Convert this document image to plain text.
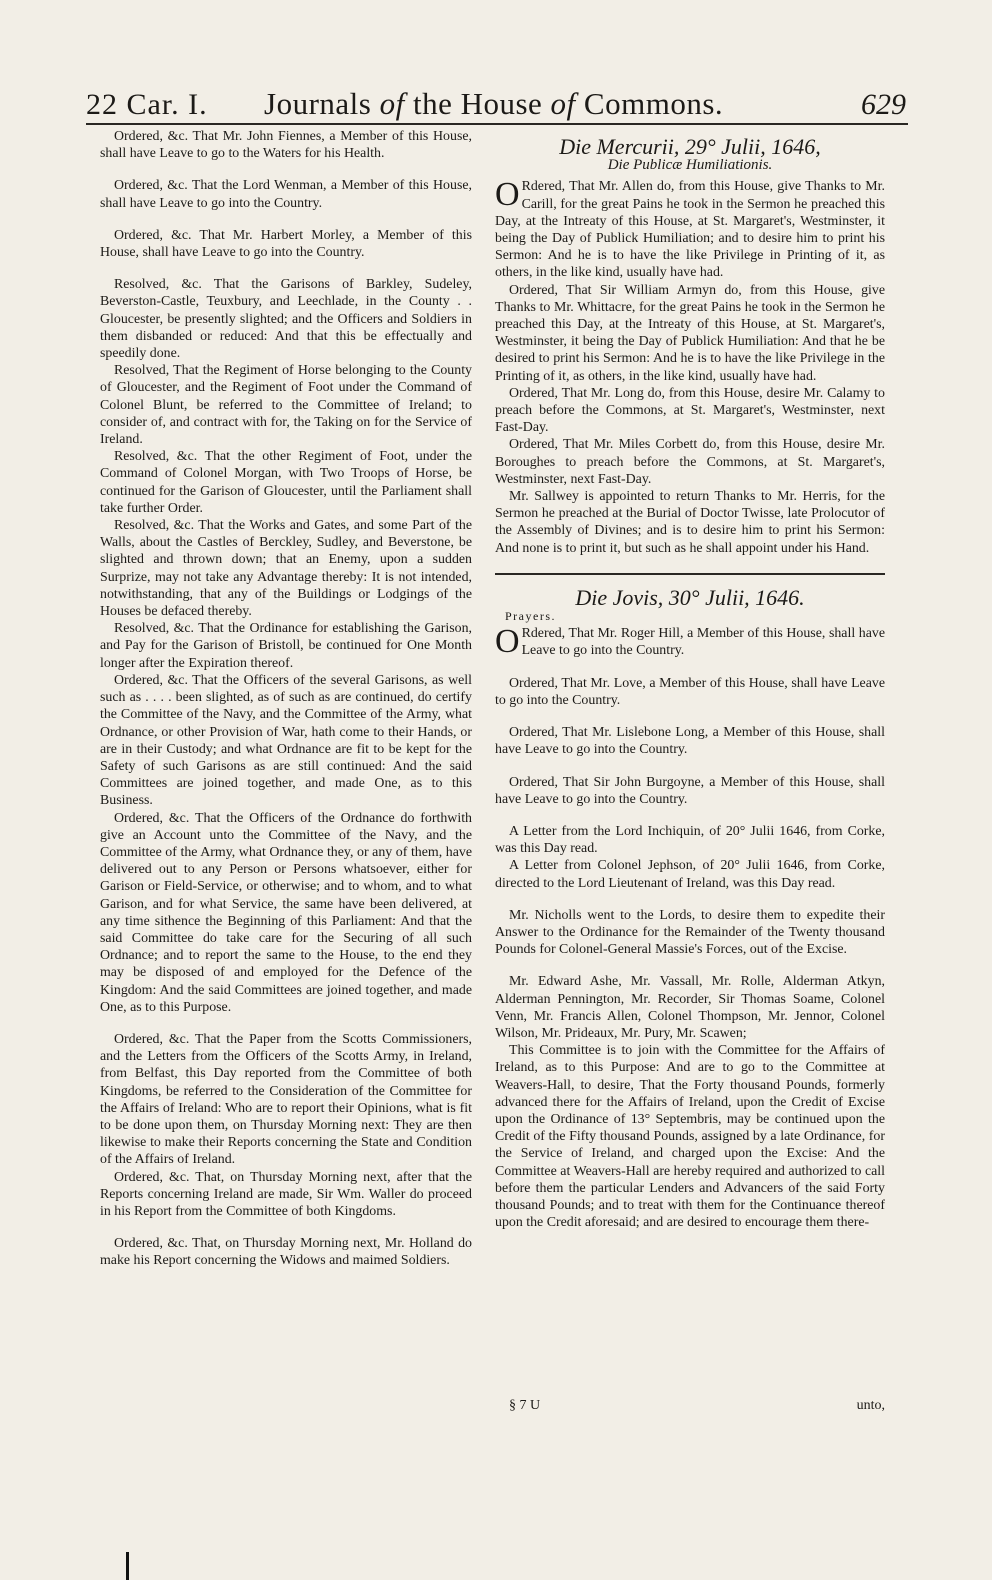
22 Car. I. Journals of the House of Commons.	629

Ordered, &c. That Mr. John Fiennes, a Member of this House, shall have Leave to go to the Waters for his Health.

Ordered, &c. That the Lord Wenman, a Member of this House, shall have Leave to go into the Country.

Ordered, &c. That Mr. Harbert Morley, a Member of this House, shall have Leave to go into the Country.

Resolved, &c. That the Garisons of Barkley, Sudeley, Beverston-Castle, Teuxbury, and Leechlade, in the County . . Gloucester, be presently slighted; and the Officers and Soldiers in them disbanded or reduced: And that this be effectually and speedily done.

Resolved, That the Regiment of Horse belonging to the County of Gloucester, and the Regiment of Foot under the Command of Colonel Blunt, be referred to the Committee of Ireland; to consider of, and contract with for, the Taking on for the Service of Ireland.

Resolved, &c. That the other Regiment of Foot, under the Command of Colonel Morgan, with Two Troops of Horse, be continued for the Garison of Gloucester, until the Parliament shall take further Order.

Resolved, &c. That the Works and Gates, and some Part of the Walls, about the Castles of Berckley, Sudley, and Beverstone, be slighted and thrown down; that an Enemy, upon a sudden Surprize, may not take any Advantage thereby: It is not intended, notwithstanding, that any of the Buildings or Lodgings of the Houses be defaced thereby.

Resolved, &c. That the Ordinance for establishing the Garison, and Pay for the Garison of Bristoll, be continued for One Month longer after the Expiration thereof.

Ordered, &c. That the Officers of the several Garisons, as well such as . . . . been slighted, as of such as are continued, do certify the Committee of the Navy, and the Committee of the Army, what Ordnance, or other Provision of War, hath come to their Hands, or are in their Custody; and what Ordnance are fit to be kept for the Safety of such Garisons as are still continued: And the said Committees are joined together, and made One, as to this Business.

Ordered, &c. That the Officers of the Ordnance do forthwith give an Account unto the Committee of the Navy, and the Committee of the Army, what Ordnance they, or any of them, have delivered out to any Person or Persons whatsoever, either for Garison or Field-Service, or otherwise; and to whom, and to what Garison, and for what Service, the same have been delivered, at any time sithence the Beginning of this Parliament: And that the said Committee do take care for the Securing of all such Ordnance; and to report the same to the House, to the end they may be disposed of and employed for the Defence of the Kingdom: And the said Committees are joined together, and made One, as to this Purpose.

Ordered, &c. That the Paper from the Scotts Commissioners, and the Letters from the Officers of the Scotts Army, in Ireland, from Belfast, this Day reported from the Committee of both Kingdoms, be referred to the Consideration of the Committee for the Affairs of Ireland: Who are to report their Opinions, what is fit to be done upon them, on Thursday Morning next: They are then likewise to make their Reports concerning the State and Condition of the Affairs of Ireland.

Ordered, &c. That, on Thursday Morning next, after that the Reports concerning Ireland are made, Sir Wm. Waller do proceed in his Report from the Committee of both Kingdoms.

Ordered, &c. That, on Thursday Morning next, Mr. Holland do make his Report concerning the Widows and maimed Soldiers.

Die Mercurii, 29° Julii, 1646,
Die Publicæ Humiliationis.

O Rdered, That Mr. Allen do, from this House, give Thanks to Mr. Carill, for the great Pains he took in the Sermon he preached this Day, at the Intreaty of this House, at St. Margaret's, Westminster, it being the Day of Publick Humiliation; and to desire him to print his Sermon: And he is to have the like Privilege in Printing of it, as others, in the like kind, usually have had.

Ordered, That Sir William Armyn do, from this House, give Thanks to Mr. Whittacre, for the great Pains he took in the Sermon he preached this Day, at the Intreaty of this House, at St. Margaret's, Westminster, it being the Day of Publick Humiliation: And that he be desired to print his Sermon: And he is to have the like Privilege in the Printing of it, as others, in the like kind, usually have had.

Ordered, That Mr. Long do, from this House, desire Mr. Calamy to preach before the Commons, at St. Margaret's, Westminster, next Fast-Day.

Ordered, That Mr. Miles Corbett do, from this House, desire Mr. Boroughes to preach before the Commons, at St. Margaret's, Westminster, next Fast-Day.

Mr. Sallwey is appointed to return Thanks to Mr. Herris, for the Sermon he preached at the Burial of Doctor Twisse, late Prolocutor of the Assembly of Divines; and is to desire him to print his Sermon: And none is to print it, but such as he shall appoint under his Hand.

Die Jovis, 30° Julii, 1646.
Prayers.

O Rdered, That Mr. Roger Hill, a Member of this House, shall have Leave to go into the Country.

Ordered, That Mr. Love, a Member of this House, shall have Leave to go into the Country.

Ordered, That Mr. Lislebone Long, a Member of this House, shall have Leave to go into the Country.

Ordered, That Sir John Burgoyne, a Member of this House, shall have Leave to go into the Country.

A Letter from the Lord Inchiquin, of 20° Julii 1646, from Corke, was this Day read.

A Letter from Colonel Jephson, of 20° Julii 1646, from Corke, directed to the Lord Lieutenant of Ireland, was this Day read.

Mr. Nicholls went to the Lords, to desire them to expedite their Answer to the Ordinance for the Remainder of the Twenty thousand Pounds for Colonel-General Massie's Forces, out of the Excise.

Mr. Edward Ashe, Mr. Vassall, Mr. Rolle, Alderman Atkyn, Alderman Pennington, Mr. Recorder, Sir Thomas Soame, Colonel Venn, Mr. Francis Allen, Colonel Thompson, Mr. Jennor, Colonel Wilson, Mr. Prideaux, Mr. Pury, Mr. Scawen;

This Committee is to join with the Committee for the Affairs of Ireland, as to this Purpose: And are to go to the Committee at Weavers-Hall, to desire, That the Forty thousand Pounds, formerly advanced there for the Affairs of Ireland, upon the Credit of Excise upon the Ordinance of 13° Septembris, may be continued upon the Credit of the Fifty thousand Pounds, assigned by a late Ordinance, for the Service of Ireland, and charged upon the Excise: And the Committee at Weavers-Hall are hereby required and authorized to call before them the particular Lenders and Advancers of the said Forty thousand Pounds; and to treat with them for the Continuance thereof upon the Credit aforesaid; and are desired to encourage them there-

§ 7 U	unto,
